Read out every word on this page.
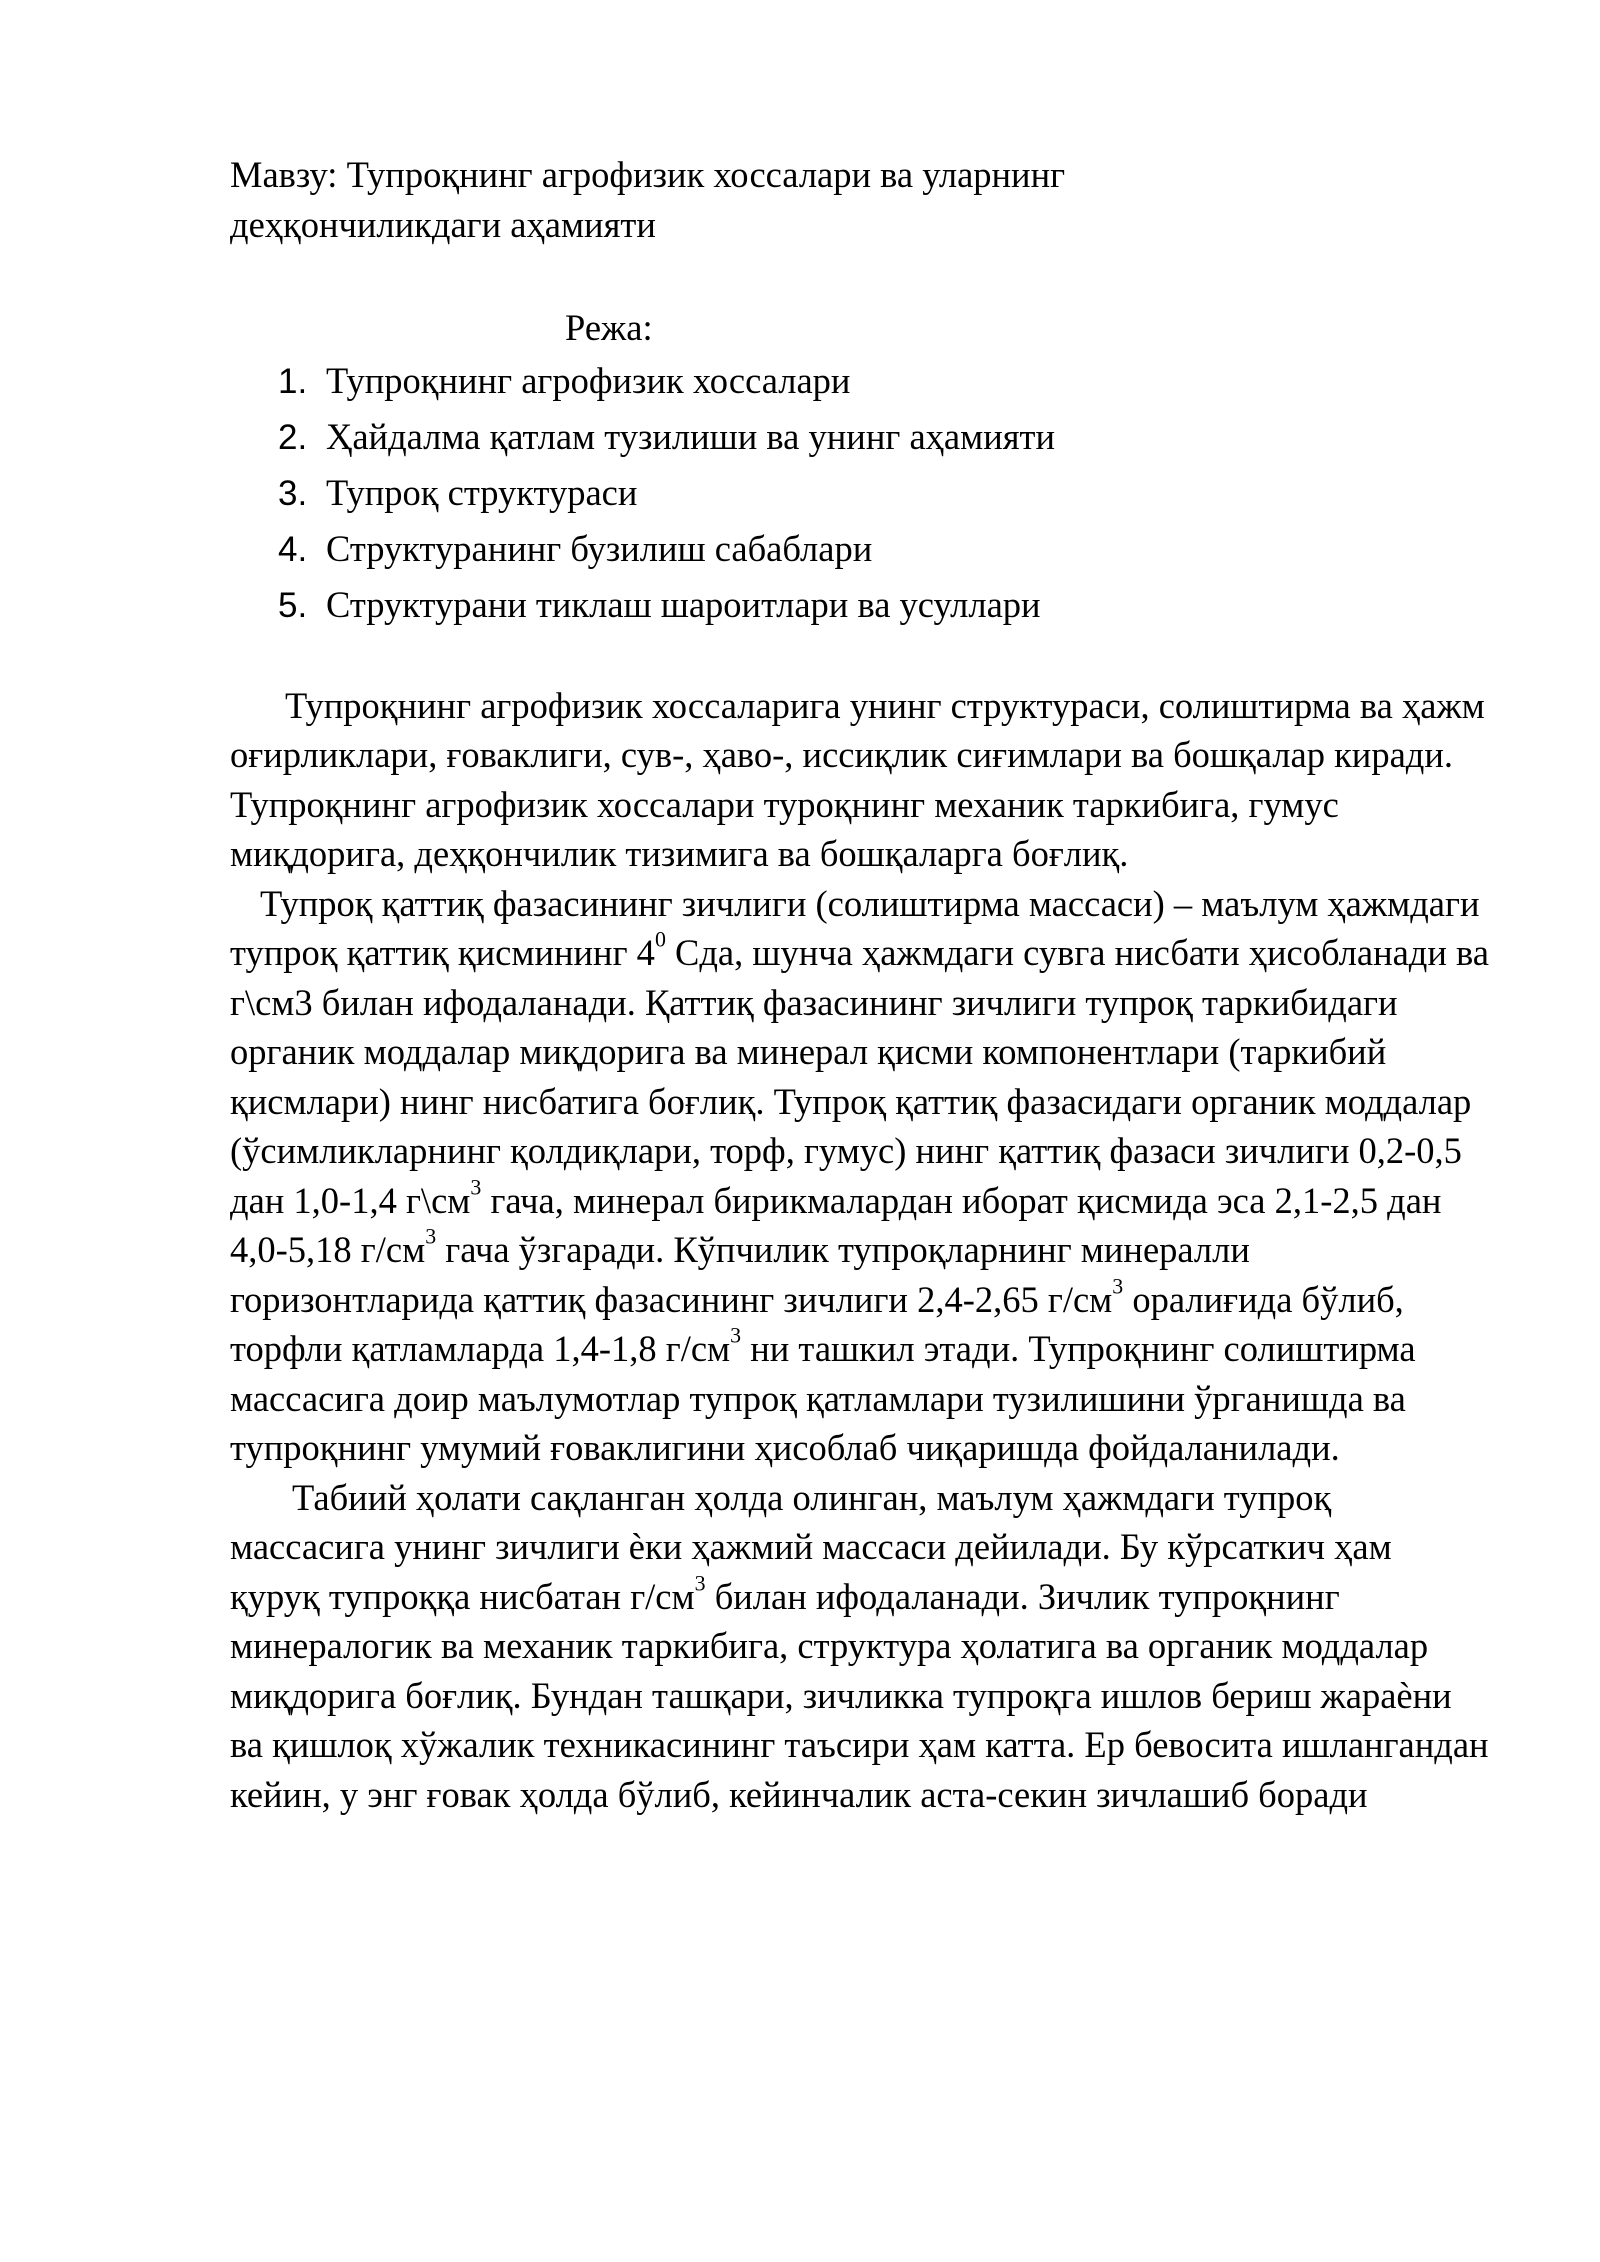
Мавзу: Тупроқнинг агрофизик хоссалари ва уларнинг
деҳқончиликдаги аҳамияти

Режа:

1. Тупроқнинг агрофизик хоссалари
2. Ҳайдалма қатлам тузилиши ва унинг аҳамияти
3. Тупроқ структураси
4. Структуранинг бузилиш сабаблари
5. Структурани тиклаш шароитлари ва усуллари

Тупроқнинг агрофизик хоссаларига унинг структураси, солиштирма ва ҳажм оғирликлари, ғоваклиги, сув-, ҳаво-, иссиқлик сиғимлари ва бошқалар киради. Тупроқнинг агрофизик хоссалари туроқнинг механик таркибига, гумус миқдорига, деҳқончилик тизимига ва бошқаларга боғлиқ.

Тупроқ қаттиқ фазасининг зичлиги (солиштирма массаси) – маълум ҳажмдаги тупроқ қаттиқ қисмининг $4^0$ Сда, шунча ҳажмдаги сувга нисбати ҳисобланади ва г\см3 билан ифодаланади. Қаттиқ фазасининг зичлиги тупроқ таркибидаги органик моддалар миқдорига ва минерал қисми компонентлари (таркибий қисмлари) нинг нисбатига боғлиқ. Тупроқ қаттиқ фазасидаги органик моддалар (ўсимликларнинг қолдиқлари, торф, гумус) нинг қаттиқ фазаси зичлиги 0,2-0,5 дан 1,0-1,4 $г\backslash см^3$ гача, минерал бирикмалардан иборат қисмида эса 2,1-2,5 дан 4,0-5,18 $г/см^3$ гача ўзгаради. Кўпчилик тупроқларнинг минералли горизонтларида қаттиқ фазасининг зичлиги 2,4-2,65 $г/см^3$ оралиғида бўлиб, торфли қатламларда 1,4-1,8 $г/см^3$ ни ташкил этади. Тупроқнинг солиштирма массасига доир маълумотлар тупроқ қатламлари тузилишини ўрганишда ва тупроқнинг умумий ғоваклигини ҳисоблаб чиқаришда фойдаланилади.

Табиий ҳолати сақланган ҳолда олинган, маълум ҳажмдаги тупроқ массасига унинг зичлиги ѐки ҳажмий массаси дейилади. Бу кўрсаткич ҳам қуруқ тупроққа нисбатан $г/см^3$ билан ифодаланади. Зичлик тупроқнинг минералогик ва механик таркибига, структура ҳолатига ва органик моддалар миқдорига боғлиқ. Бундан ташқари, зичликка тупроқга ишлов бериш жараѐни ва қишлоқ хўжалик техникасининг таъсири ҳам катта. Ер бевосита ишлангандан кейин, у энг ғовак ҳолда бўлиб, кейинчалик аста-секин зичлашиб боради
